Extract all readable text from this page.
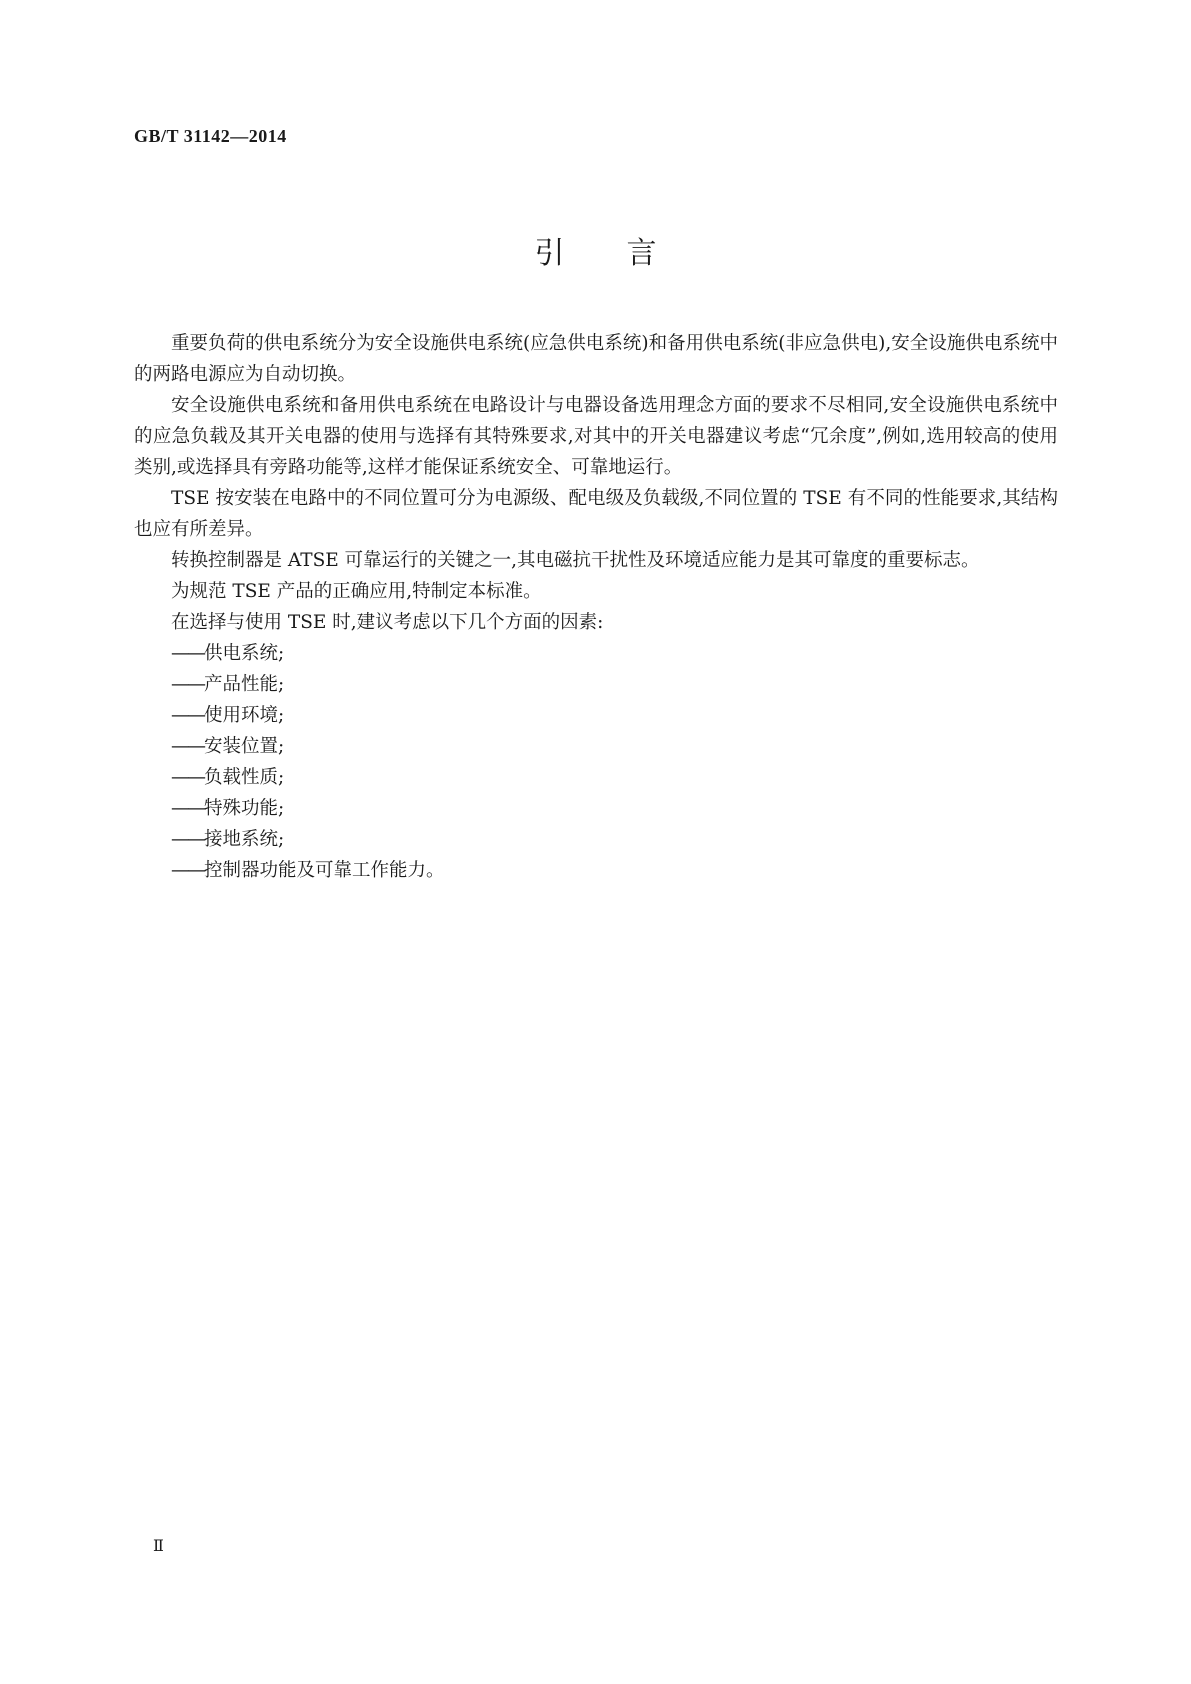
GB/T 31142—2014
引言

重要负荷的供电系统分为安全设施供电系统(应急供电系统)和备用供电系统(非应急供电),安全设施供电系统中的两路电源应为自动切换。

安全设施供电系统和备用供电系统在电路设计与电器设备选用理念方面的要求不尽相同,安全设施供电系统中的应急负载及其开关电器的使用与选择有其特殊要求,对其中的开关电器建议考虑“冗余度”,例如,选用较高的使用类别,或选择具有旁路功能等,这样才能保证系统安全、可靠地运行。

TSE 按安装在电路中的不同位置可分为电源级、配电级及负载级,不同位置的 TSE 有不同的性能要求,其结构也应有所差异。

转换控制器是 ATSE 可靠运行的关键之一,其电磁抗干扰性及环境适应能力是其可靠度的重要标志。

为规范 TSE 产品的正确应用,特制定本标准。

在选择与使用 TSE 时,建议考虑以下几个方面的因素:

——供电系统;

——产品性能;

——使用环境;

——安装位置;

——负载性质;

——特殊功能;

——接地系统;

——控制器功能及可靠工作能力。

Ⅱ
